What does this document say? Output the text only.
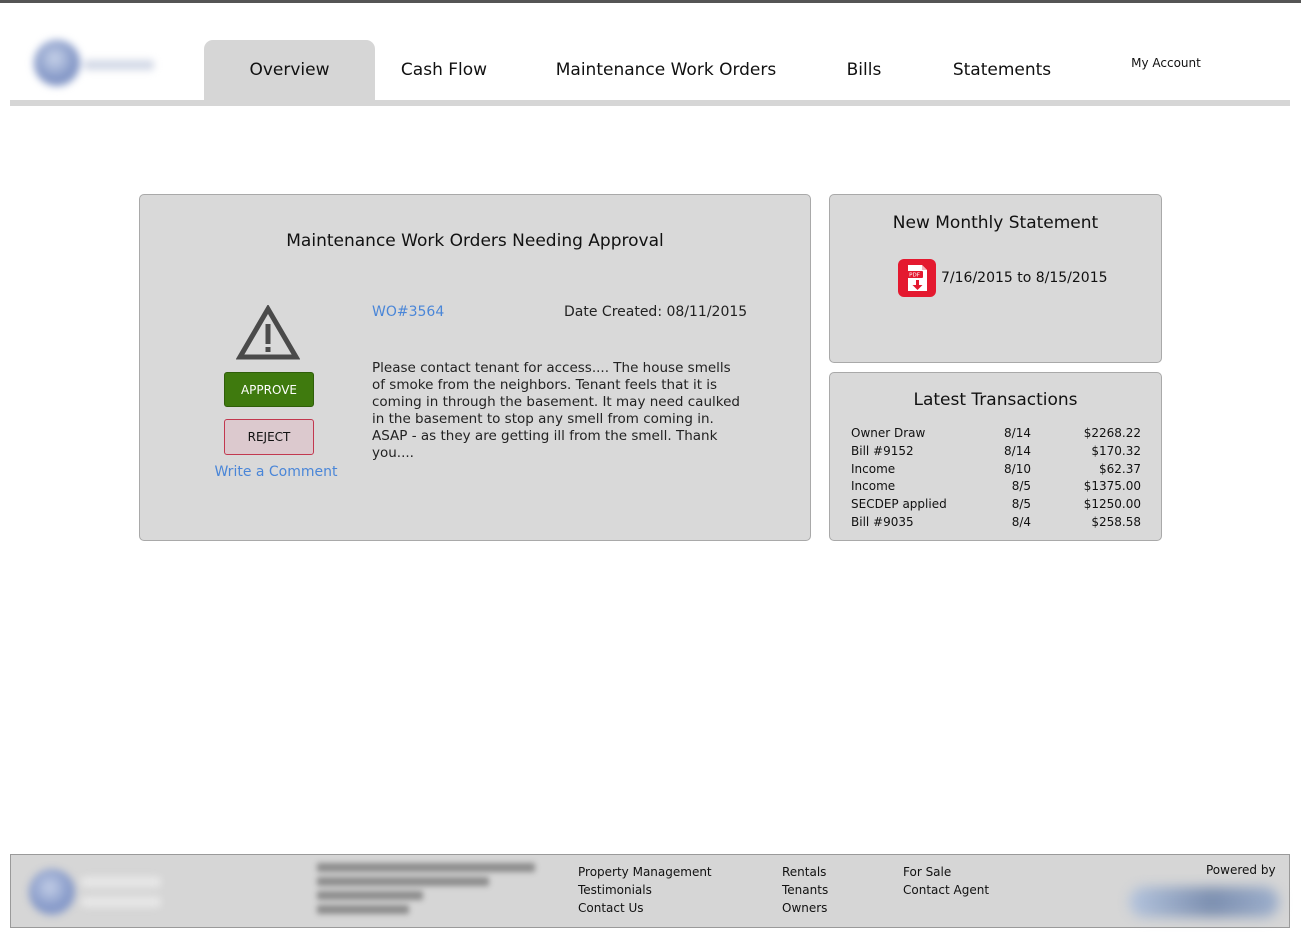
Overview	Cash Flow	Maintenance Work Orders	Bills	Statements	My Account
Maintenance Work Orders Needing Approval
APPROVE
REJECT
Write a Comment
WO#3564	Date Created: 08/11/2015
Please contact tenant for access.... The house smells of smoke from the neighbors. Tenant feels that it is coming in through the basement. It may need caulked in the basement to stop any smell from coming in. ASAP - as they are getting ill from the smell. Thank you....
New Monthly Statement
PDF 7/16/2015 to 8/15/2015
Latest Transactions
Owner Draw	8/14	$2268.22
Bill #9152	8/14	$170.32
Income	8/10	$62.37
Income	8/5	$1375.00
SECDEP applied	8/5	$1250.00
Bill #9035	8/4	$258.58
Property Management
Testimonials
Contact Us
Rentals
Tenants
Owners
For Sale
Contact Agent
Powered by
